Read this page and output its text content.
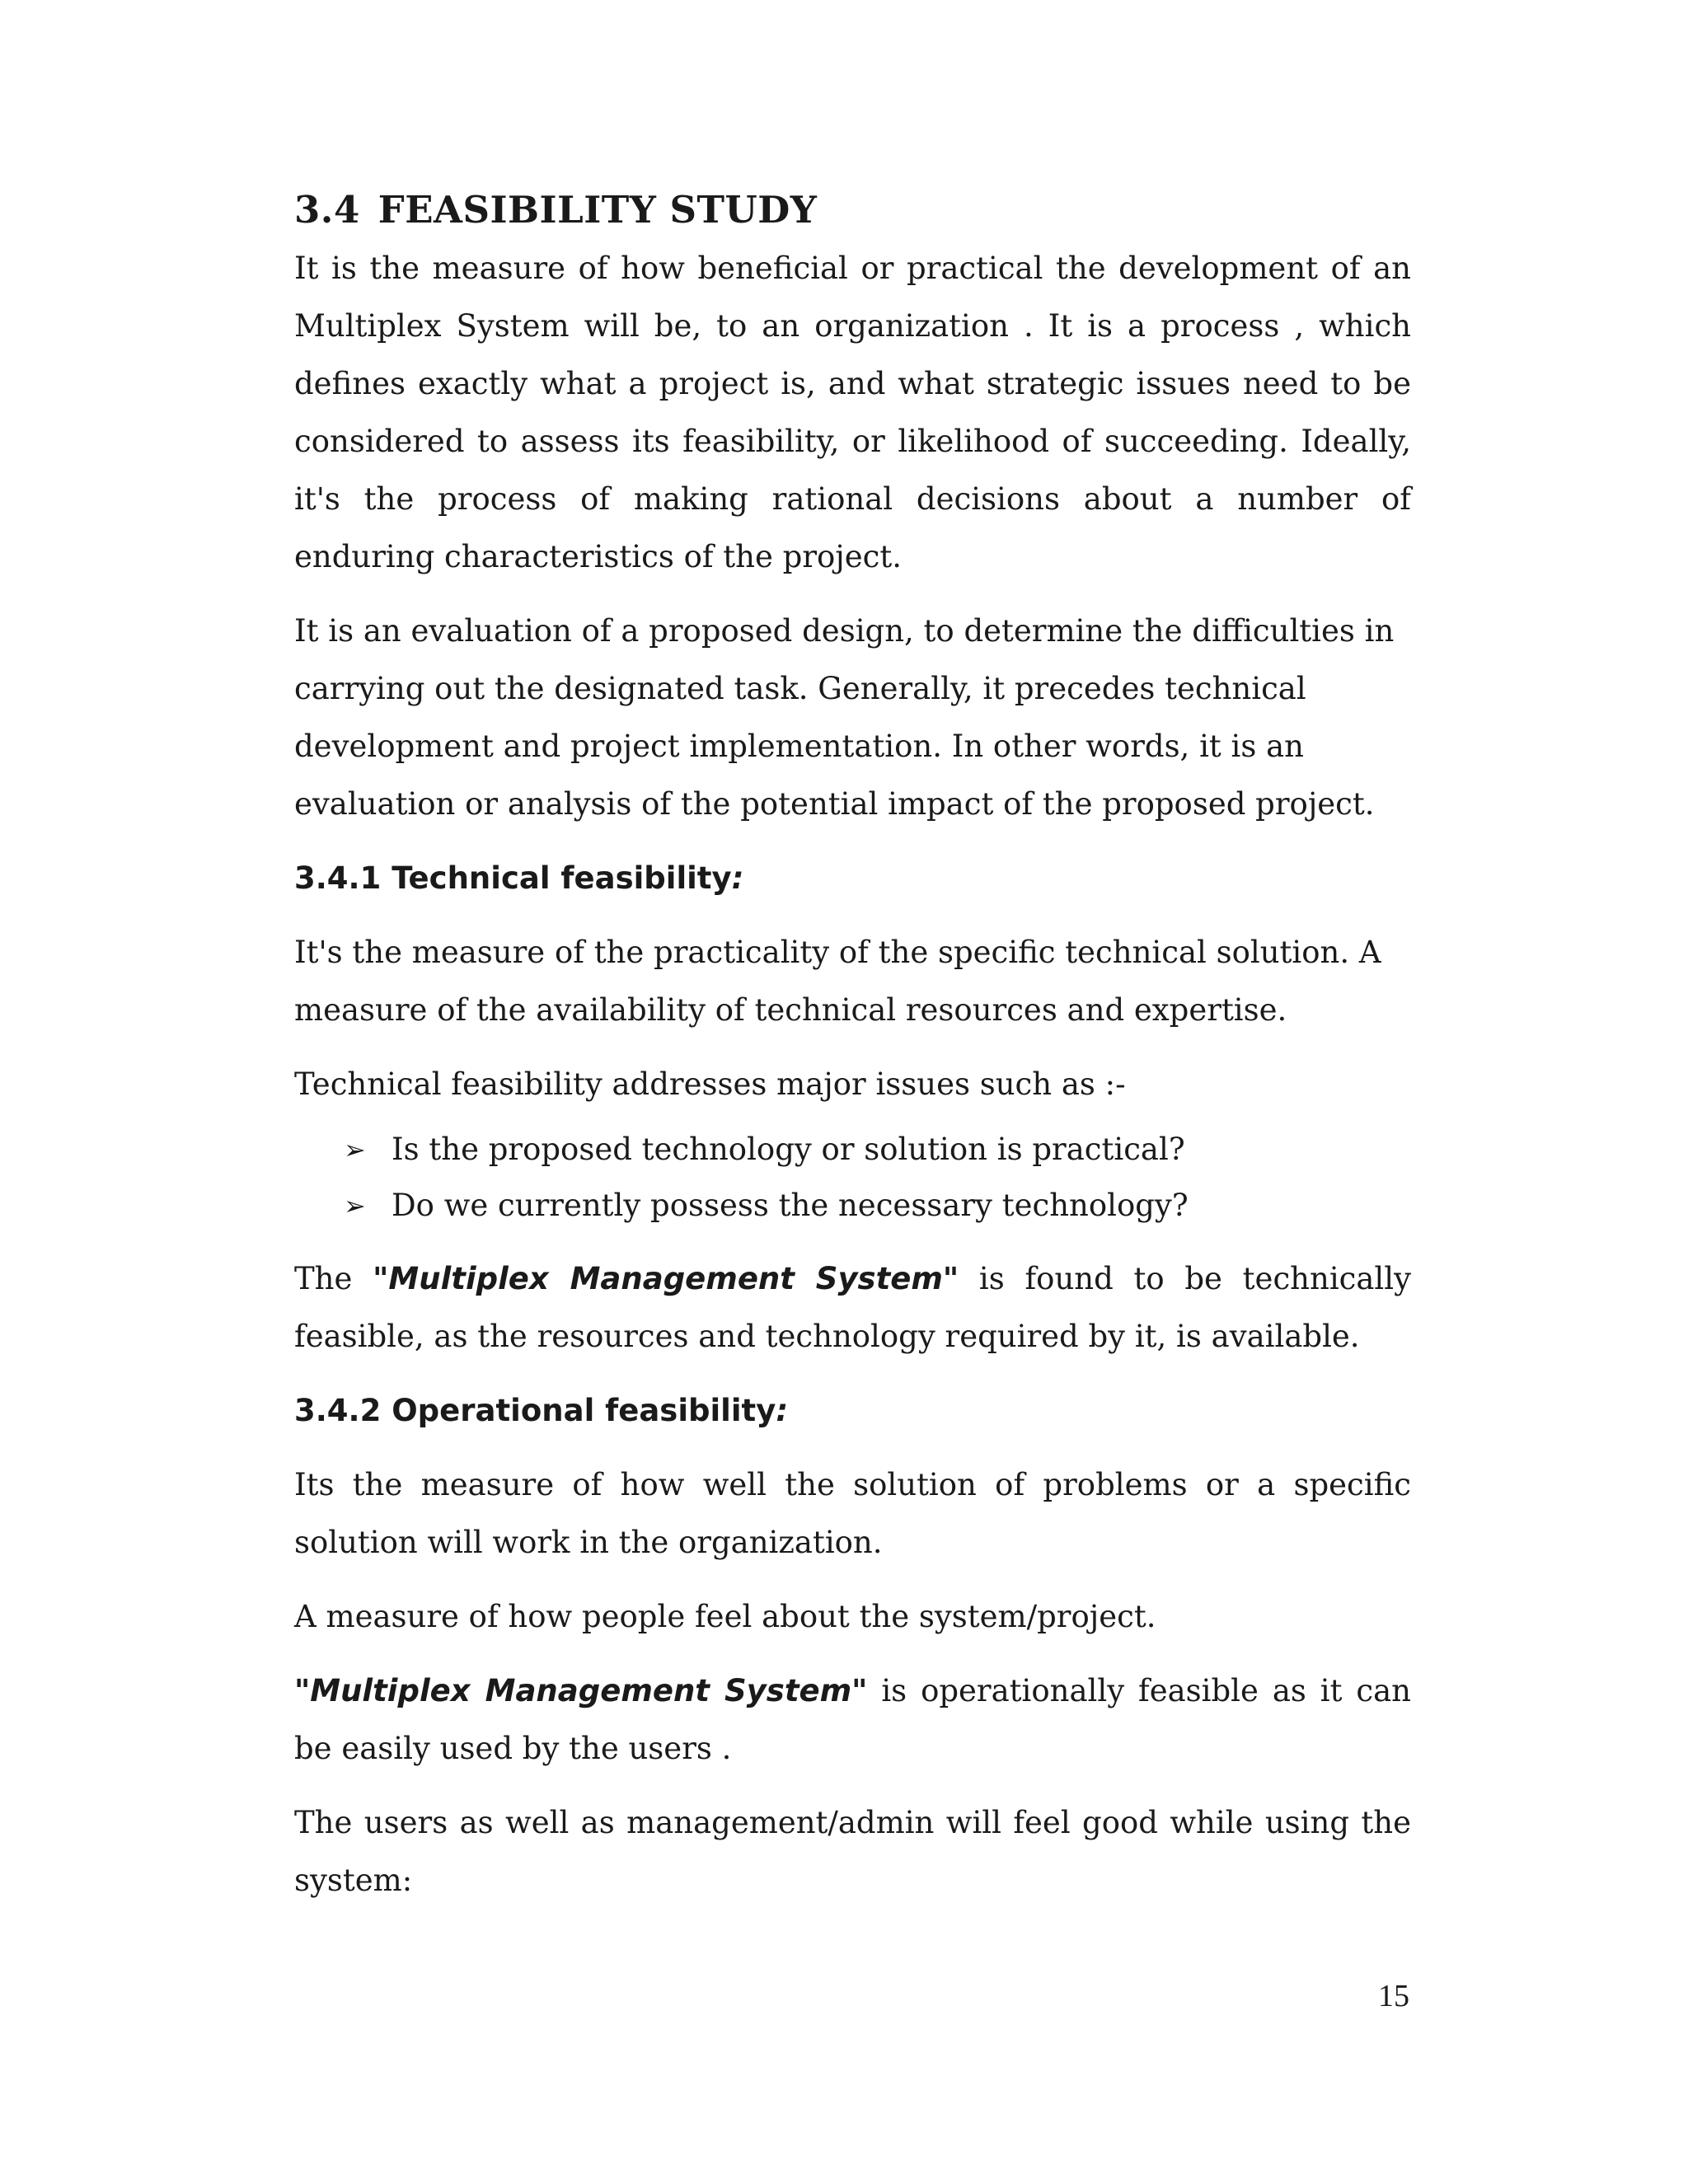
3.4 FEASIBILITY STUDY

It is the measure of how beneficial or practical the development of an Multiplex System will be, to an organization . It is a process , which defines exactly what a project is, and what strategic issues need to be considered to assess its feasibility, or likelihood of succeeding. Ideally, it's the process of making rational decisions about a number of enduring characteristics of the project.

It is an evaluation of a proposed design, to determine the difficulties in carrying out the designated task. Generally, it precedes technical development and project implementation. In other words, it is an evaluation or analysis of the potential impact of the proposed project.

3.4.1 Technical feasibility:

It's the measure of the practicality of the specific technical solution. A measure of the availability of technical resources and expertise.

Technical feasibility addresses major issues such as :-

➢ Is the proposed technology or solution is practical?
➢ Do we currently possess the necessary technology?

The "Multiplex Management System" is found to be technically feasible, as the resources and technology required by it, is available.

3.4.2 Operational feasibility:

Its the measure of how well the solution of problems or a specific solution will work in the organization.

A measure of how people feel about the system/project.

"Multiplex Management System" is operationally feasible as it can be easily used by the users .

The users as well as management/admin will feel good while using the system:

15
